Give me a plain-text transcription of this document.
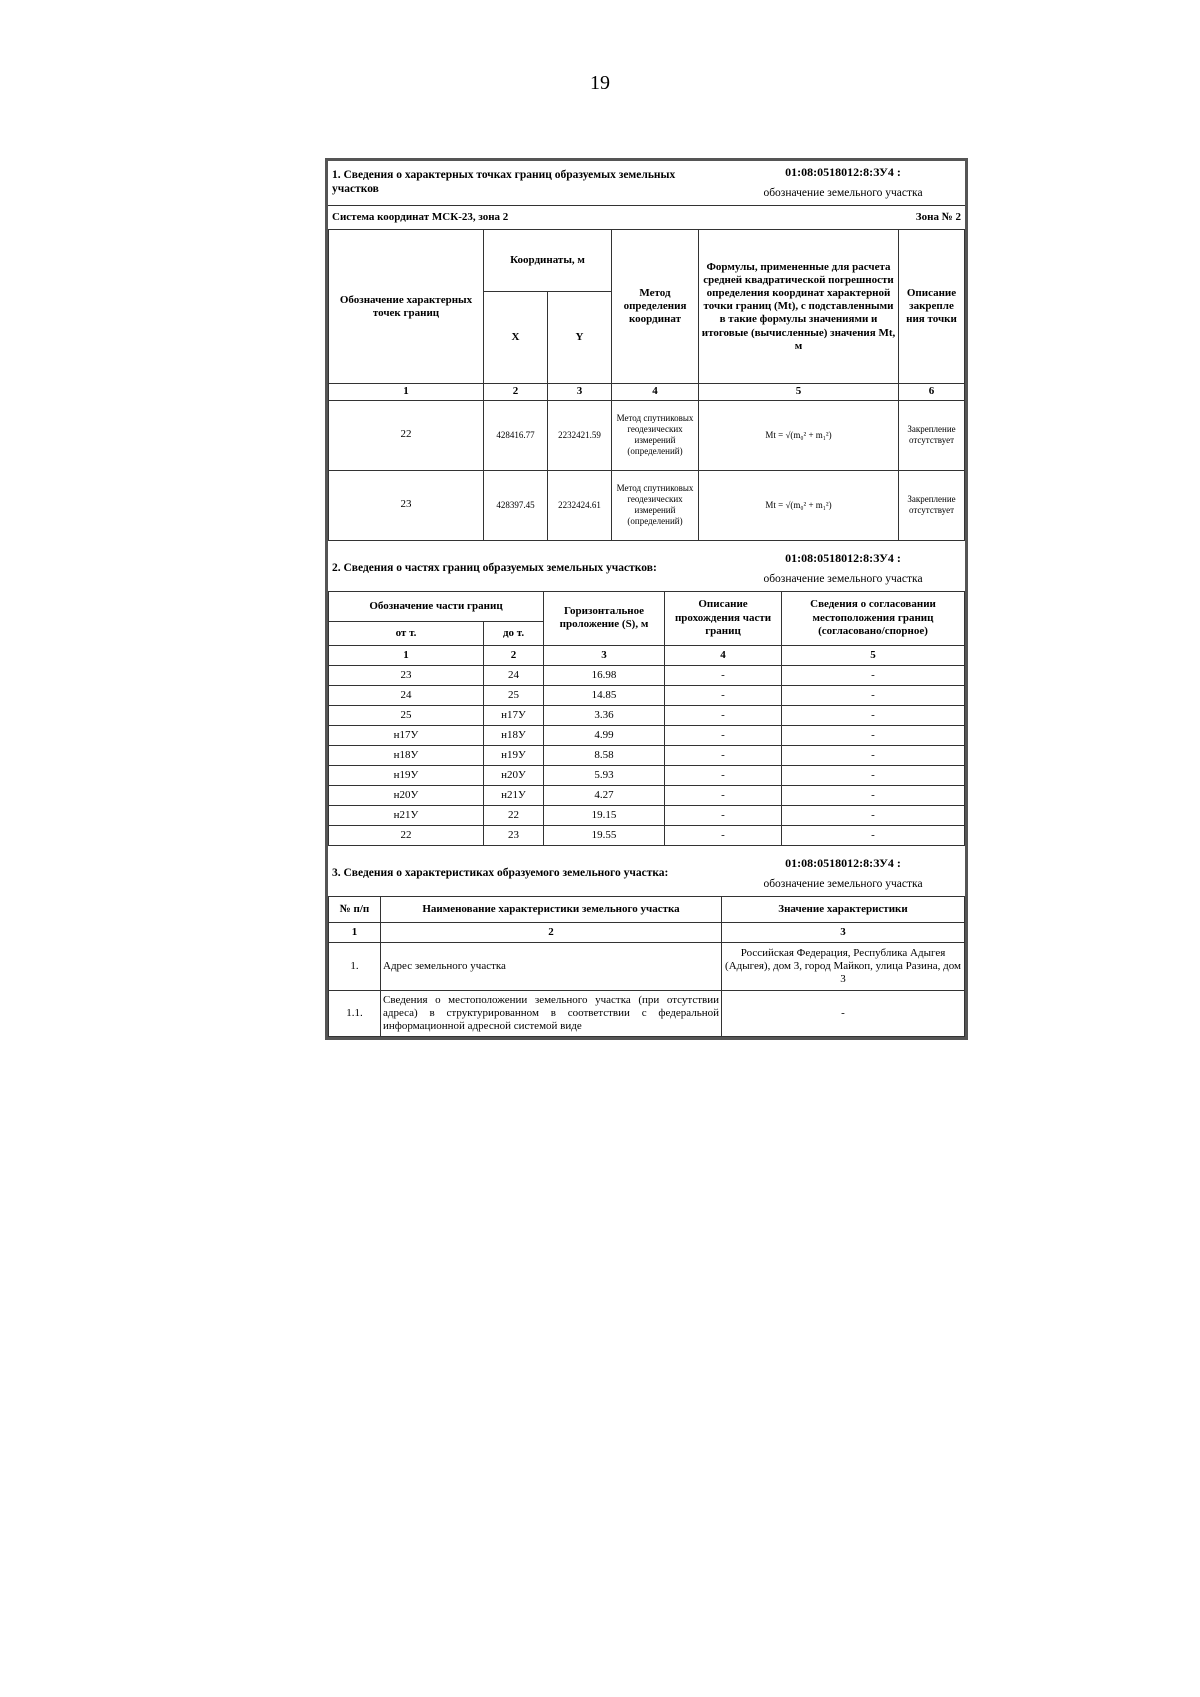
19
1. Сведения о характерных точках границ образуемых земельных участков	01:08:0518012:8:ЗУ4 :
обозначение земельного участка
Система координат МСК-23, зона 2	Зона № 2
Обозначение характерных точек границ	Координаты, м		Метод определения координат	Формулы, примененные для расчета средней квадратической погрешности определения координат характерной точки границ (Mt), с подставленными в такие формулы значениями и итоговые (вычисленные) значения Mt, м	Описание закрепле ния точки
	X	Y			
1	2	3	4	5	6
22	428416.77	2232421.59	Метод спутниковых геодезических измерений (определений)	Mt = √(m₀² + m₁²)	Закрепление отсутствует
23	428397.45	2232424.61	Метод спутниковых геодезических измерений (определений)	Mt = √(m₀² + m₁²)	Закрепление отсутствует
2. Сведения о частях границ образуемых земельных участков:	01:08:0518012:8:ЗУ4 :
обозначение земельного участка
Обозначение части границ		Горизонтальное проложение (S), м	Описание прохождения части границ	Сведения о согласовании местоположения границ (согласовано/спорное)
от т.	до т.			
1	2	3	4	5
23	24	16.98	-	-
24	25	14.85	-	-
25	н17У	3.36	-	-
н17У	н18У	4.99	-	-
н18У	н19У	8.58	-	-
н19У	н20У	5.93	-	-
н20У	н21У	4.27	-	-
н21У	22	19.15	-	-
22	23	19.55	-	-
3. Сведения о характеристиках образуемого земельного участка:	01:08:0518012:8:ЗУ4 :
обозначение земельного участка
№ п/п	Наименование характеристики земельного участка	Значение характеристики
1	2	3
1.	Адрес земельного участка	Российская Федерация, Республика Адыгея (Адыгея), дом 3, город Майкоп, улица Разина, дом 3
1.1.	Сведения о местоположении земельного участка (при отсутствии адреса) в структурированном в соответствии с федеральной информационной адресной системой виде	-
